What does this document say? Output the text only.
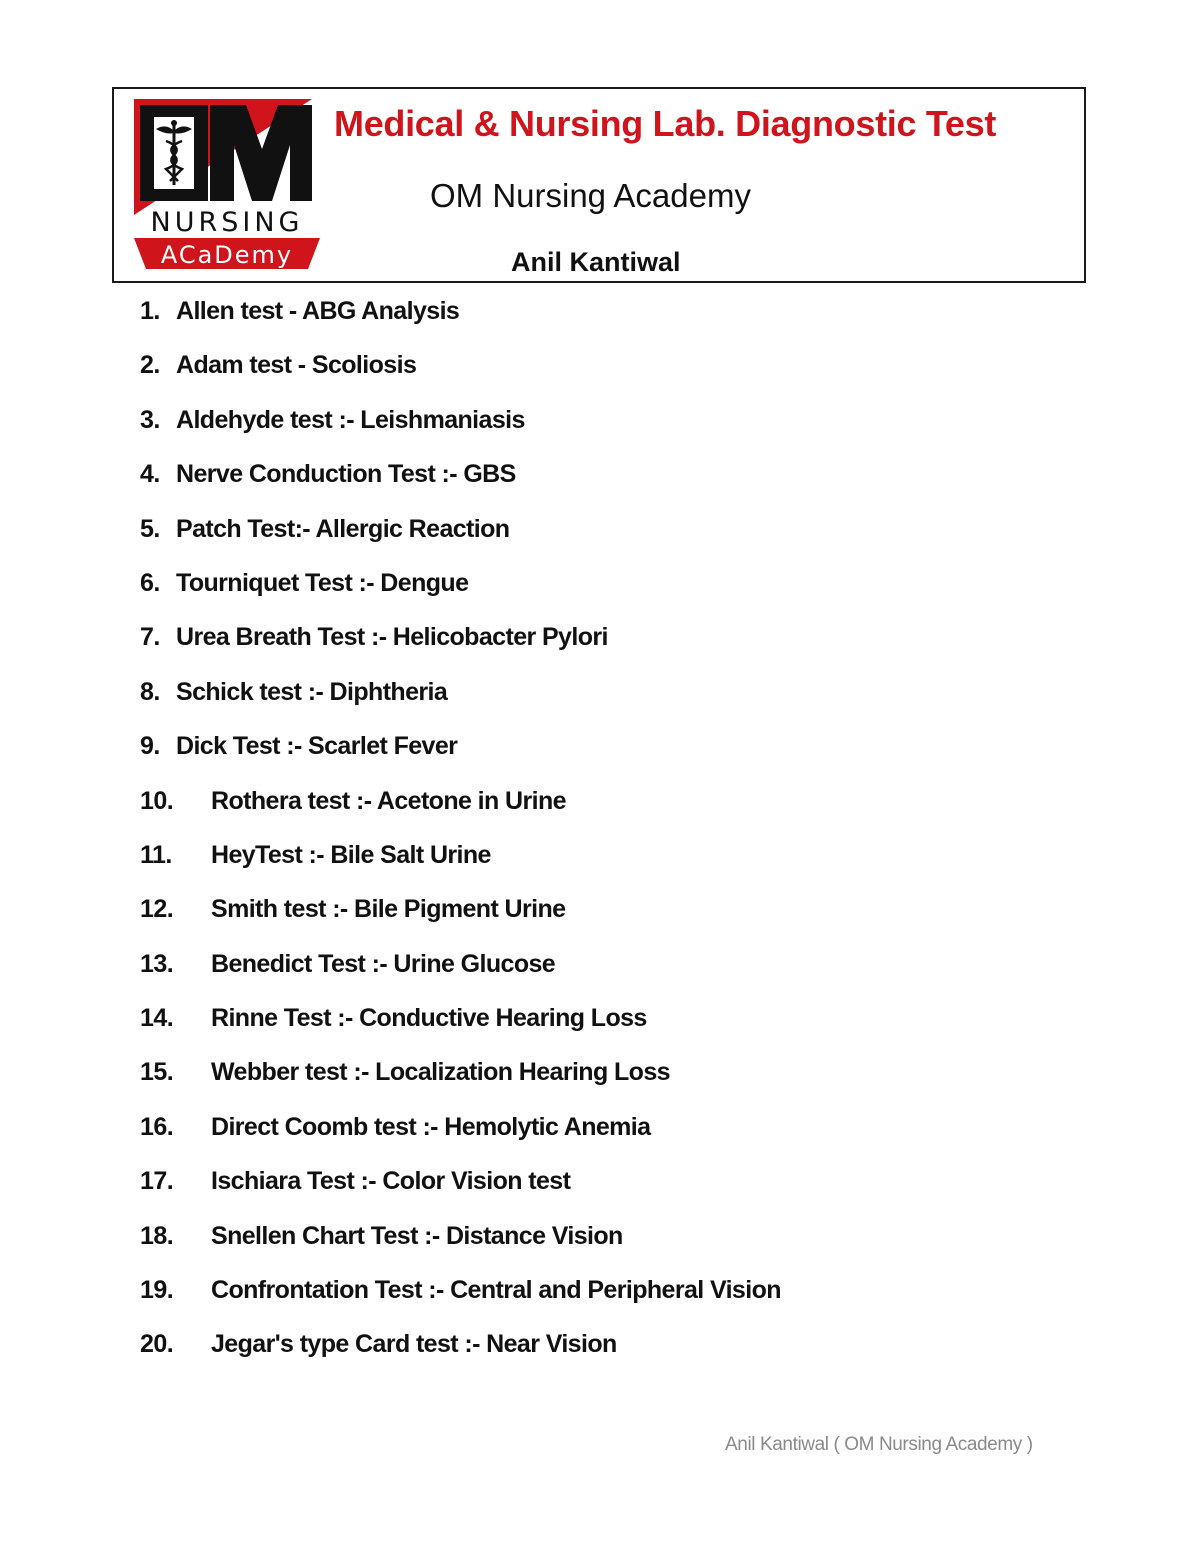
NURSING
ACaDemy
Medical & Nursing Lab. Diagnostic Test
OM Nursing Academy
Anil Kantiwal
1. Allen test - ABG Analysis
2. Adam test - Scoliosis
3. Aldehyde test :- Leishmaniasis
4. Nerve Conduction Test :- GBS
5. Patch Test:- Allergic Reaction
6. Tourniquet Test :- Dengue
7. Urea Breath Test :- Helicobacter Pylori
8. Schick test :- Diphtheria
9. Dick Test :- Scarlet Fever
10. Rothera test :- Acetone in Urine
11. HeyTest :- Bile Salt Urine
12. Smith test :- Bile Pigment Urine
13. Benedict Test :- Urine Glucose
14. Rinne Test :- Conductive Hearing Loss
15. Webber test :- Localization Hearing Loss
16. Direct Coomb test :- Hemolytic Anemia
17. Ischiara Test :- Color Vision test
18. Snellen Chart Test :- Distance Vision
19. Confrontation Test :- Central and Peripheral Vision
20. Jegar's type Card test :- Near Vision
Anil Kantiwal ( OM Nursing Academy )
